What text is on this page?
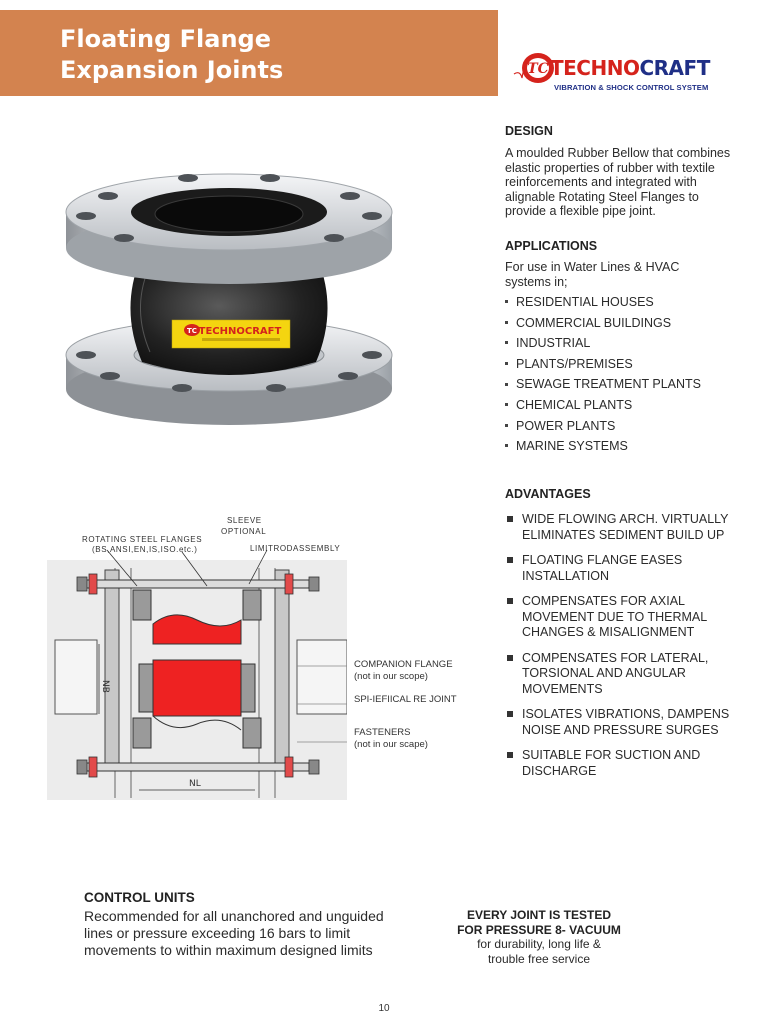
Floating Flange
Expansion Joints	TC TECHNOCRAFT
VIBRATION & SHOCK CONTROL SYSTEM
TC TECHNOCRAFT
NB
NL
SLEEVE
OPTIONAL
ROTATING STEEL FLANGES
(BS,ANSI,EN,IS,ISO.etc.)	LIMITRODASSEMBLY
COMPANION FLANGE
(not in our scope)
SPI-IEFIICAL RE JOINT
FASTENERS
(not in our scape)
DESIGN

A moulded Rubber Bellow that combines elastic properties of rubber with textile reinforcements and integrated with alignable Rotating Steel Flanges to provide a flexible pipe joint.

APPLICATIONS

For use in Water Lines & HVAC systems in;

RESIDENTIAL HOUSES
COMMERCIAL BUILDINGS
INDUSTRIAL
PLANTS/PREMISES
SEWAGE TREATMENT PLANTS
CHEMICAL PLANTS
POWER PLANTS
MARINE SYSTEMS
ADVANTAGES
WIDE FLOWING ARCH. VIRTUALLY ELIMINATES SEDIMENT BUILD UP
FLOATING FLANGE EASES INSTALLATION
COMPENSATES FOR AXIAL MOVEMENT DUE TO THERMAL CHANGES & MISALIGNMENT
COMPENSATES FOR LATERAL, TORSIONAL AND ANGULAR MOVEMENTS
ISOLATES VIBRATIONS, DAMPENS NOISE AND PRESSURE SURGES
SUITABLE FOR SUCTION AND DISCHARGE
CONTROL UNITS

Recommended for all unanchored and unguided lines or pressure exceeding 16 bars to limit movements to within maximum designed limits

EVERY JOINT IS TESTED
FOR PRESSURE 8- VACUUM
for durability, long life &
trouble free service
10
